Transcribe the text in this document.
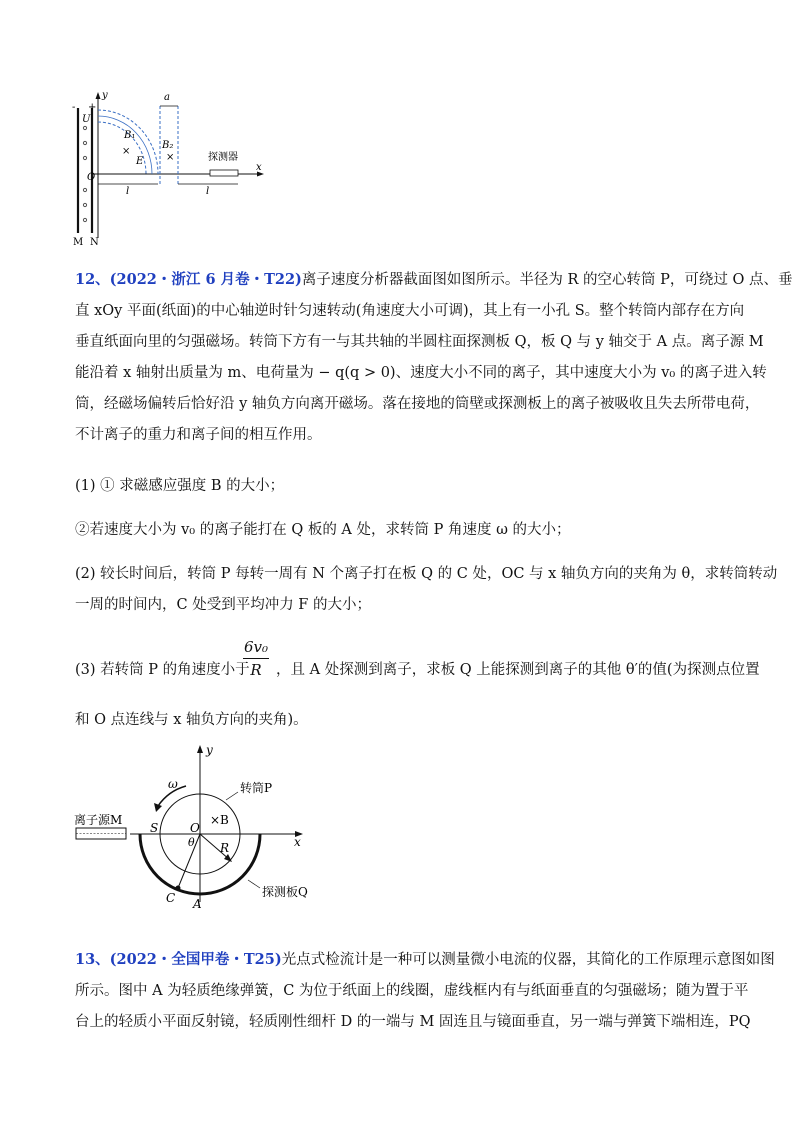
- +
y
U
B₁
×
E
a
B₂
×	探测器
O
l	l
x
M N
12、(2022・浙江 6 月卷・T22)离子速度分析器截面图如图所示。半径为 R 的空心转筒 P，可绕过 O 点、垂
直 xOy 平面(纸面)的中心轴逆时针匀速转动(角速度大小可调)，其上有一小孔 S。整个转筒内部存在方向
垂直纸面向里的匀强磁场。转筒下方有一与其共轴的半圆柱面探测板 Q，板 Q 与 y 轴交于 A 点。离子源 M
能沿着 x 轴射出质量为 m、电荷量为 − q(q > 0)、速度大小不同的离子，其中速度大小为 v₀ 的离子进入转
筒，经磁场偏转后恰好沿 y 轴负方向离开磁场。落在接地的筒壁或探测板上的离子被吸收且失去所带电荷，
不计离子的重力和离子间的相互作用。
(1) ① 求磁感应强度 B 的大小；
②若速度大小为 v₀ 的离子能打在 Q 板的 A 处，求转筒 P 角速度 ω 的大小；
(2) 较长时间后，转筒 P 每转一周有 N 个离子打在板 Q 的 C 处，OC 与 x 轴负方向的夹角为 θ，求转筒转动
一周的时间内，C 处受到平均冲力 F 的大小；
(3) 若转筒 P 的角速度小于
$\frac{\text{6v₀}}{R}$ ，且 A 处探测到离子，求板 Q 上能探测到离子的其他 θ′的值(为探测点位置
和 O 点连线与 x 轴负方向的夹角)。
y
ω	转筒P
离子源M
S	O
×B
θ R	x
探测板Q
C A
13、(2022・全国甲卷・T25)光点式检流计是一种可以测量微小电流的仪器，其简化的工作原理示意图如图
所示。图中 A 为轻质绝缘弹簧，C 为位于纸面上的线圈，虚线框内有与纸面垂直的匀强磁场；随为置于平
台上的轻质小平面反射镜，轻质刚性细杆 D 的一端与 M 固连且与镜面垂直，另一端与弹簧下端相连，PQ
